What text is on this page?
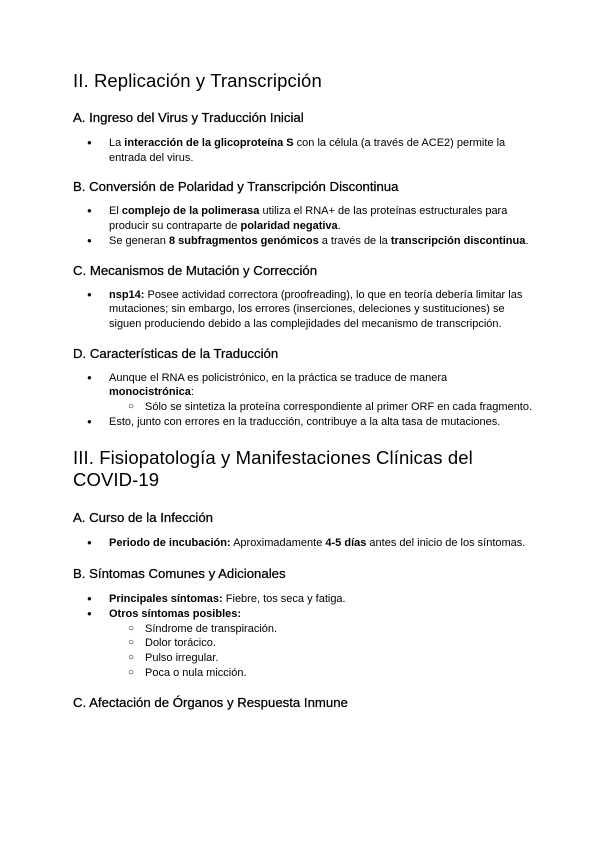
II. Replicación y Transcripción
A. Ingreso del Virus y Traducción Inicial
● La interacción de la glicoproteína S con la célula (a través de ACE2) permite la entrada del virus.
B. Conversión de Polaridad y Transcripción Discontinua
● El complejo de la polimerasa utiliza el RNA+ de las proteínas estructurales para producir su contraparte de polaridad negativa.
● Se generan 8 subfragmentos genómicos a través de la transcripción discontinua.
C. Mecanismos de Mutación y Corrección
● nsp14: Posee actividad correctora (proofreading), lo que en teoría debería limitar las mutaciones; sin embargo, los errores (inserciones, deleciones y sustituciones) se siguen produciendo debido a las complejidades del mecanismo de transcripción.
D. Características de la Traducción
● Aunque el RNA es policistrónico, en la práctica se traduce de manera monocistrónica:
○ Sólo se sintetiza la proteína correspondiente al primer ORF en cada fragmento.
● Esto, junto con errores en la traducción, contribuye a la alta tasa de mutaciones.
III. Fisiopatología y Manifestaciones Clínicas del COVID-19
A. Curso de la Infección
● Periodo de incubación: Aproximadamente 4-5 días antes del inicio de los síntomas.
B. Síntomas Comunes y Adicionales
● Principales síntomas: Fiebre, tos seca y fatiga.
● Otros síntomas posibles:
○ Síndrome de transpiración.
○ Dolor torácico.
○ Pulso irregular.
○ Poca o nula micción.
C. Afectación de Órganos y Respuesta Inmune
